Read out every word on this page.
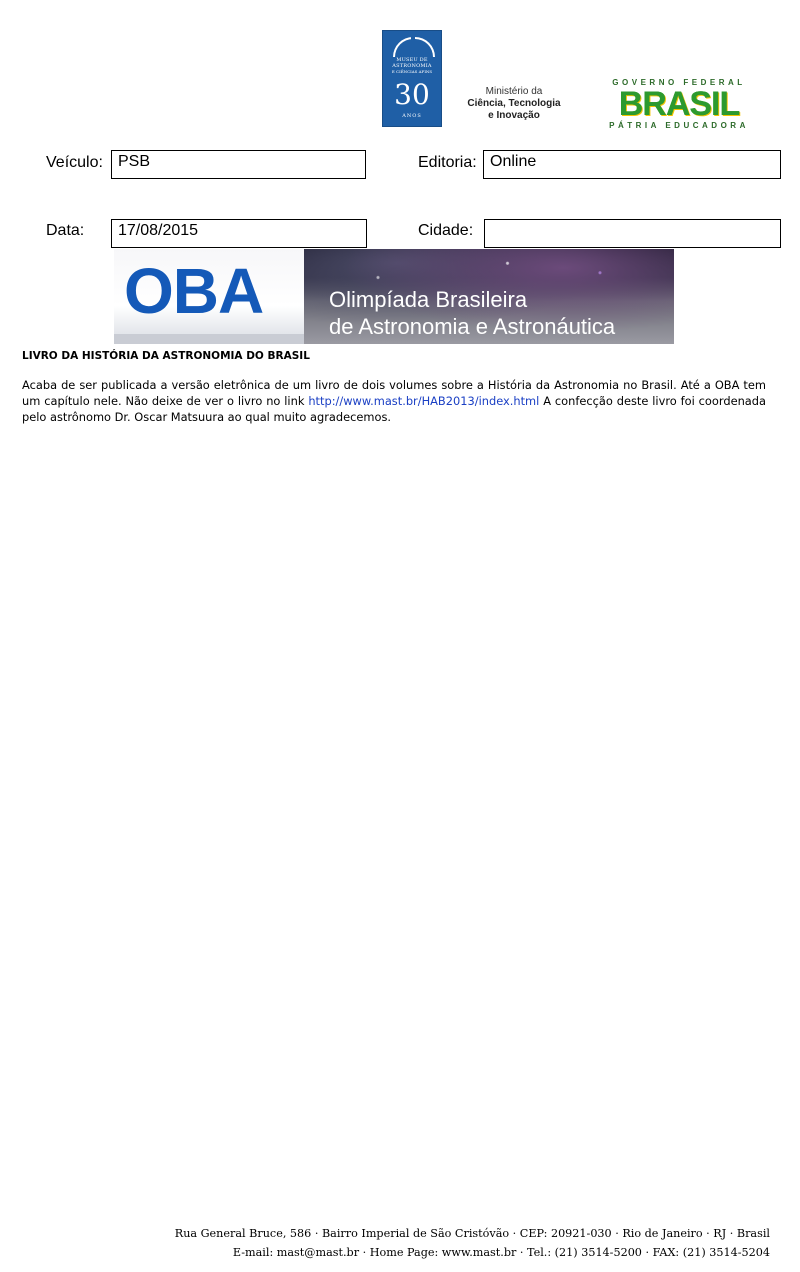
MUSEU DE ASTRONOMIA
E CIÊNCIAS AFINS
30
ANOS
Ministério da
Ciência, Tecnologia
e Inovação
GOVERNO FEDERAL
BRASIL
PÁTRIA EDUCADORA
Veículo: PSB	Editoria: Online
Data:	17/08/2015	Cidade:
OBA	Olimpíada Brasileira
de Astronomia e Astronáutica
LIVRO DA HISTÓRIA DA ASTRONOMIA DO BRASIL
Acaba de ser publicada a versão eletrônica de um livro de dois volumes sobre a História da Astronomia no Brasil. Até a OBA tem um capítulo nele. Não deixe de ver o livro no link http://www.mast.br/HAB2013/index.html A confecção deste livro foi coordenada pelo astrônomo Dr. Oscar Matsuura ao qual muito agradecemos.
Rua General Bruce, 586 · Bairro Imperial de São Cristóvão · CEP: 20921-030 · Rio de Janeiro · RJ · Brasil
E-mail: mast@mast.br · Home Page: www.mast.br · Tel.: (21) 3514-5200 · FAX: (21) 3514-5204
